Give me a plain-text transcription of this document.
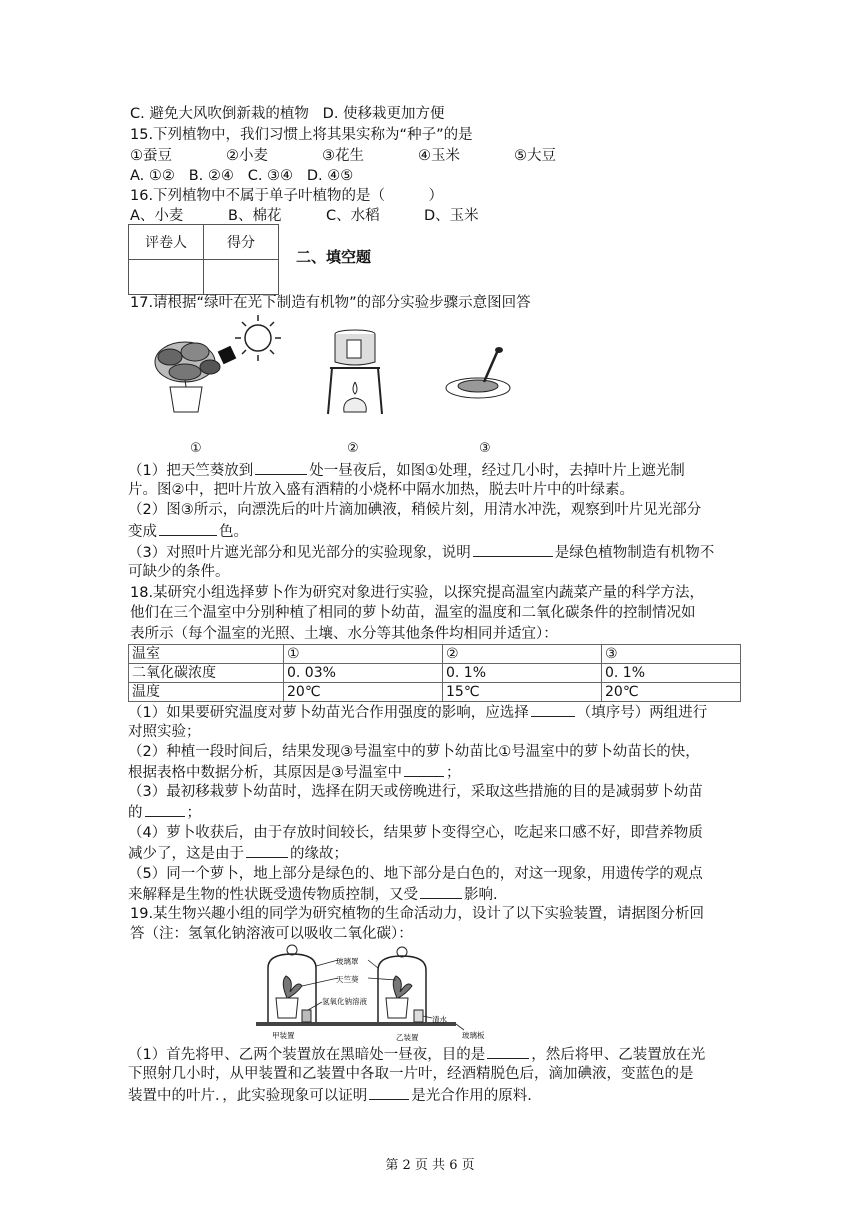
C. 避免大风吹倒新栽的植物 D. 使移栽更加方便
15.下列植物中，我们习惯上将其果实称为“种子”的是
①蚕豆	②小麦	③花生	④玉米	⑤大豆
A. ①② B. ②④ C. ③④ D. ④⑤
16.下列植物中不属于单子叶植物的是（　　　）
A、小麦	B、棉花	C、水稻	D、玉米
评卷人	得分

二、填空题
17.请根据“绿叶在光下制造有机物”的部分实验步骤示意图回答
①	②	③
（1）把天竺葵放到	处一昼夜后，如图①处理，经过几小时，去掉叶片上遮光制
片。图②中，把叶片放入盛有酒精的小烧杯中隔水加热，脱去叶片中的叶绿素。
（2）图③所示，向漂洗后的叶片滴加碘液，稍候片刻，用清水冲洗，观察到叶片见光部分
变成	色。
（3）对照叶片遮光部分和见光部分的实验现象，说明	是绿色植物制造有机物不
可缺少的条件。
18.某研究小组选择萝卜作为研究对象进行实验，以探究提高温室内蔬菜产量的科学方法，
他们在三个温室中分别种植了相同的萝卜幼苗，温室的温度和二氧化碳条件的控制情况如
表所示（每个温室的光照、土壤、水分等其他条件均相同并适宜）：
温室	①	②	③
二氧化碳浓度	0. 03%	0. 1%	0. 1%
温度	20℃	15℃	20℃
（1）如果要研究温度对萝卜幼苗光合作用强度的影响，应选择	（填序号）两组进行
对照实验；
（2）种植一段时间后，结果发现③号温室中的萝卜幼苗比①号温室中的萝卜幼苗长的快，
根据表格中数据分析，其原因是③号温室中	；
（3）最初移栽萝卜幼苗时，选择在阴天或傍晚进行，采取这些措施的目的是减弱萝卜幼苗
的	；
（4）萝卜收获后，由于存放时间较长，结果萝卜变得空心，吃起来口感不好，即营养物质
减少了，这是由于	的缘故；
（5）同一个萝卜，地上部分是绿色的、地下部分是白色的，对这一现象，用遗传学的观点
来解释是生物的性状既受遗传物质控制，又受	影响.
19.某生物兴趣小组的同学为研究植物的生命活动力，设计了以下实验装置，请据图分析回
答（注：氢氧化钠溶液可以吸收二氧化碳）：
玻璃罩
天竺葵
氢氧化钠溶液
清水
玻璃板
甲装置	乙装置
（1）首先将甲、乙两个装置放在黑暗处一昼夜，目的是	，然后将甲、乙装置放在光
下照射几小时，从甲装置和乙装置中各取一片叶，经酒精脱色后，滴加碘液，变蓝色的是
装置中的叶片．，此实验现象可以证明	是光合作用的原料.
第 2 页 共 6 页
